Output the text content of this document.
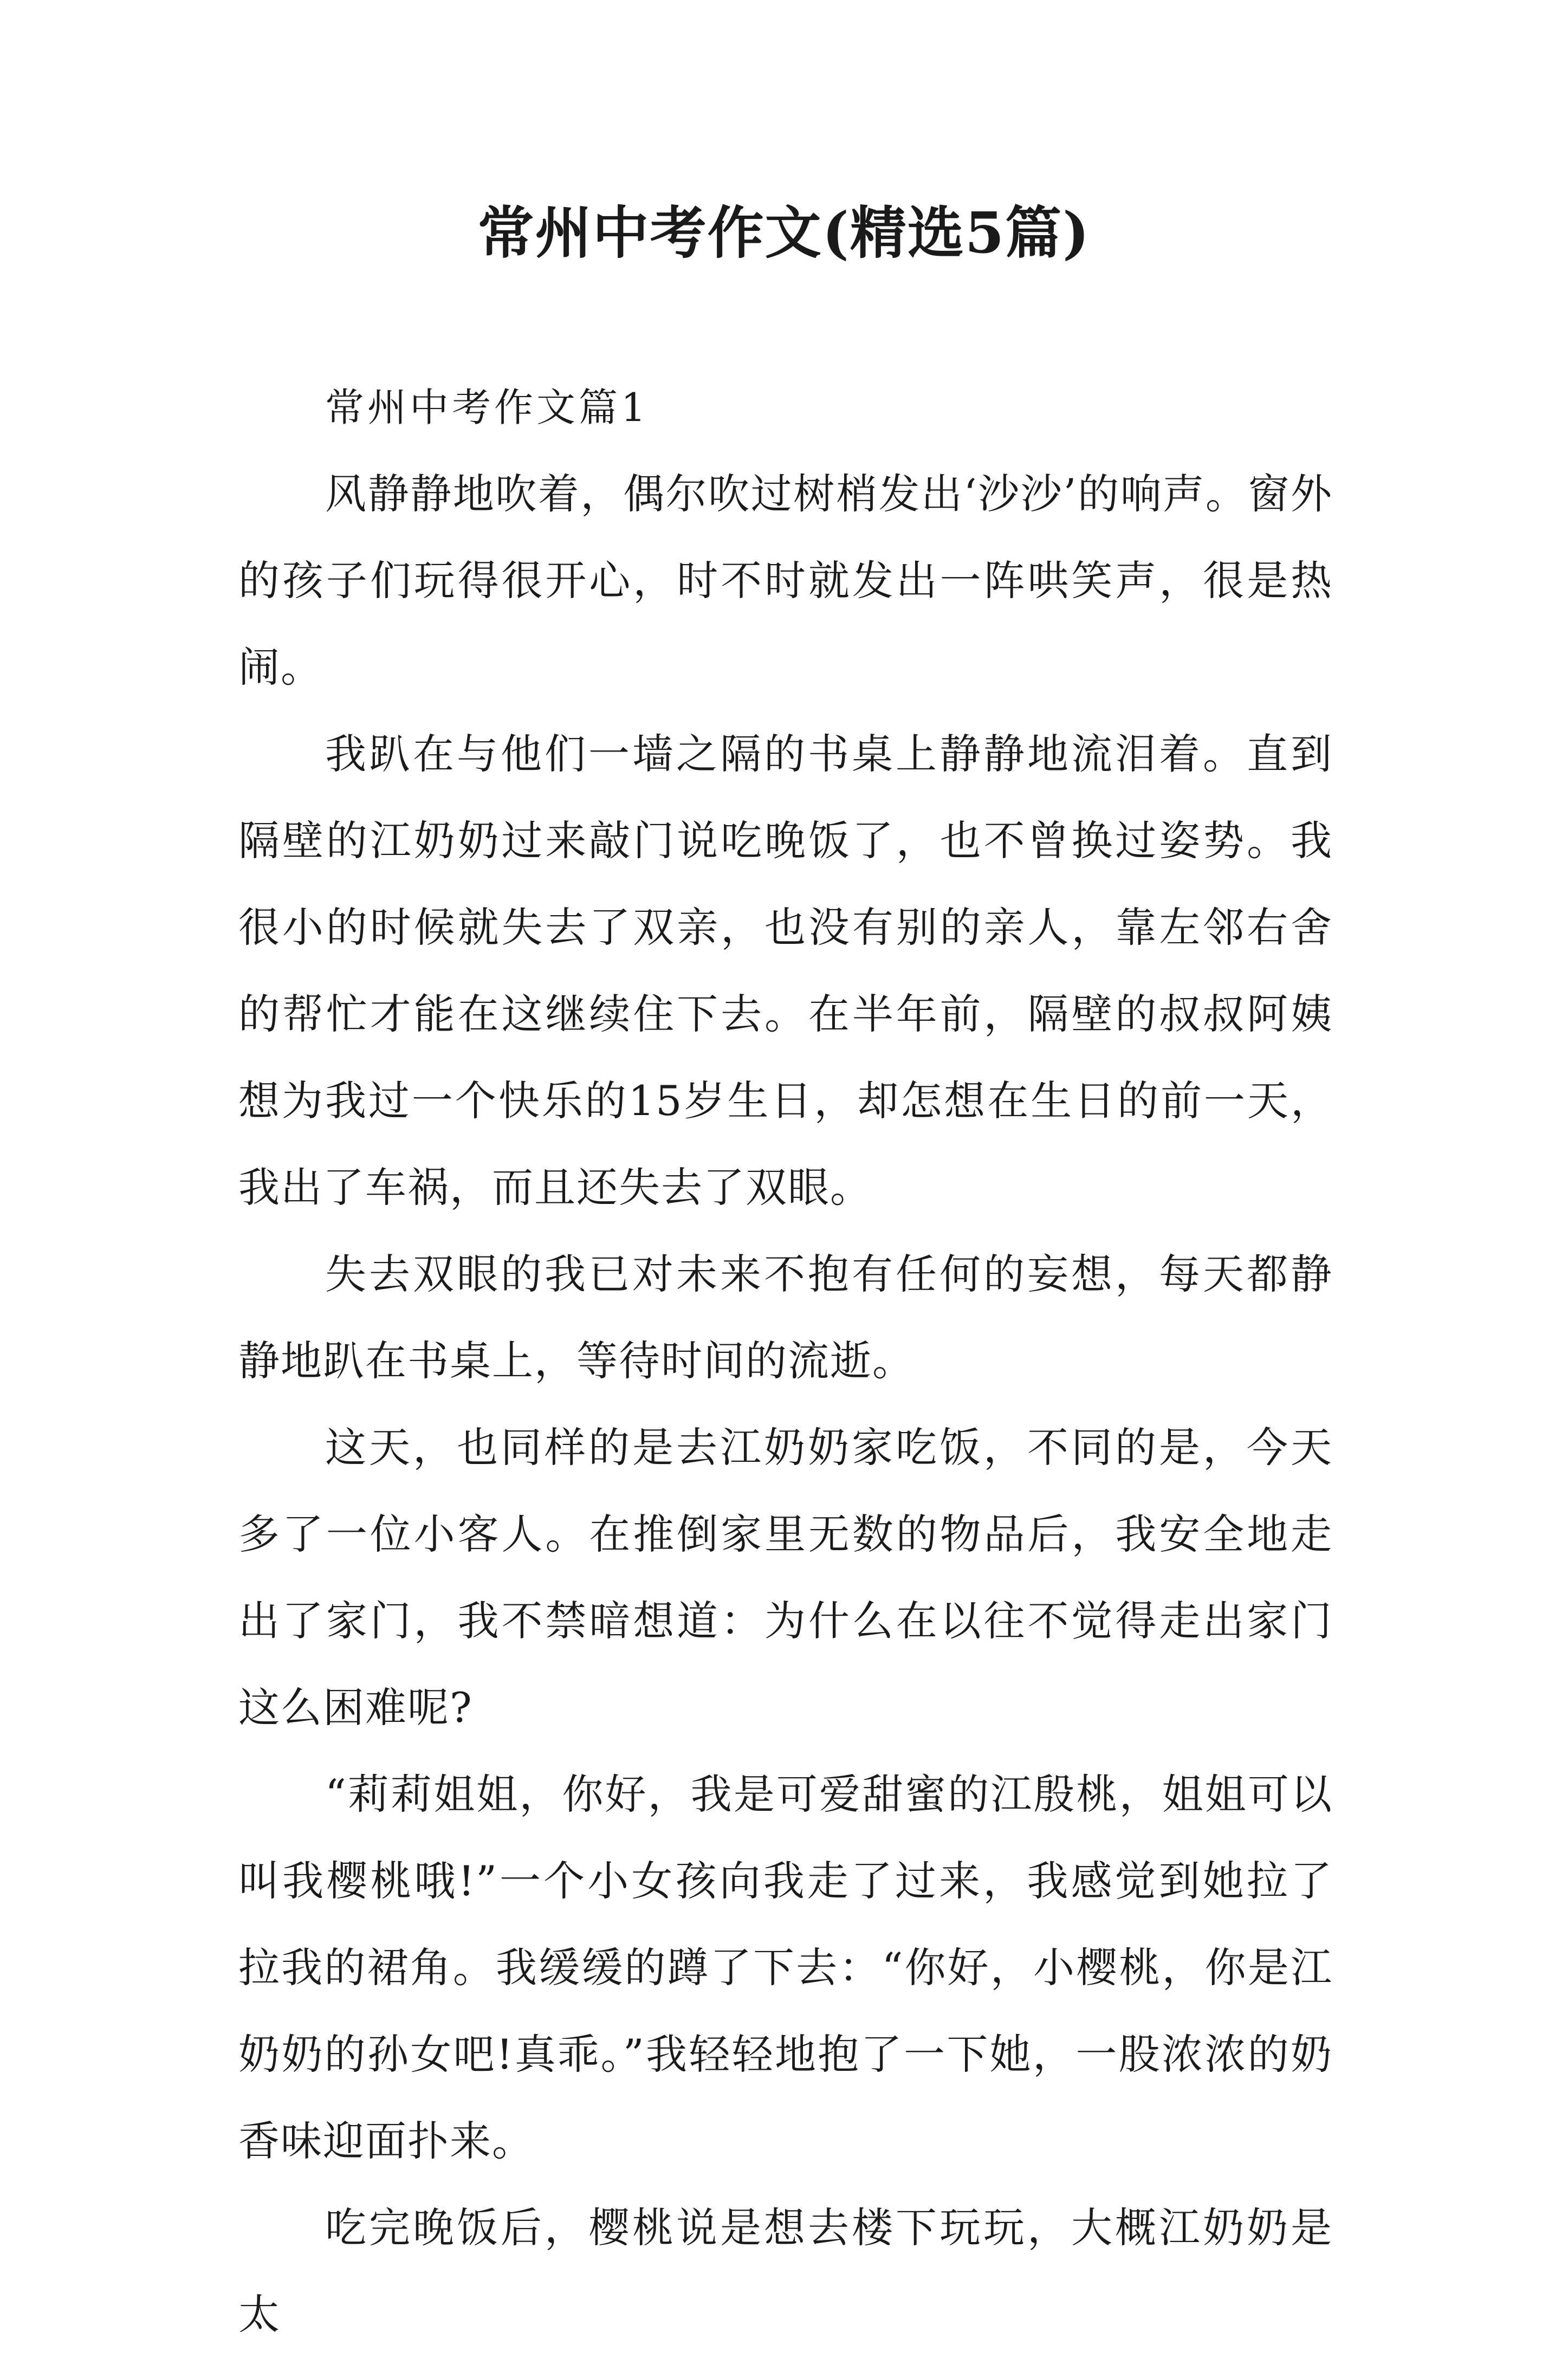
常州中考作文(精选5篇)

常州中考作文篇1

风静静地吹着，偶尔吹过树梢发出‘沙沙’的响声。窗外的孩子们玩得很开心，时不时就发出一阵哄笑声，很是热闹。

我趴在与他们一墙之隔的书桌上静静地流泪着。直到隔壁的江奶奶过来敲门说吃晚饭了，也不曾换过姿势。我很小的时候就失去了双亲，也没有别的亲人，靠左邻右舍的帮忙才能在这继续住下去。在半年前，隔壁的叔叔阿姨想为我过一个快乐的15岁生日，却怎想在生日的前一天，我出了车祸，而且还失去了双眼。

失去双眼的我已对未来不抱有任何的妄想，每天都静静地趴在书桌上，等待时间的流逝。

这天，也同样的是去江奶奶家吃饭，不同的是，今天多了一位小客人。在推倒家里无数的物品后，我安全地走出了家门，我不禁暗想道：为什么在以往不觉得走出家门这么困难呢?

“莉莉姐姐，你好，我是可爱甜蜜的江殷桃，姐姐可以叫我樱桃哦!”一个小女孩向我走了过来，我感觉到她拉了拉我的裙角。我缓缓的蹲了下去：“你好，小樱桃，你是江奶奶的孙女吧!真乖。”我轻轻地抱了一下她，一股浓浓的奶香味迎面扑来。

吃完晚饭后，樱桃说是想去楼下玩玩，大概江奶奶是太
